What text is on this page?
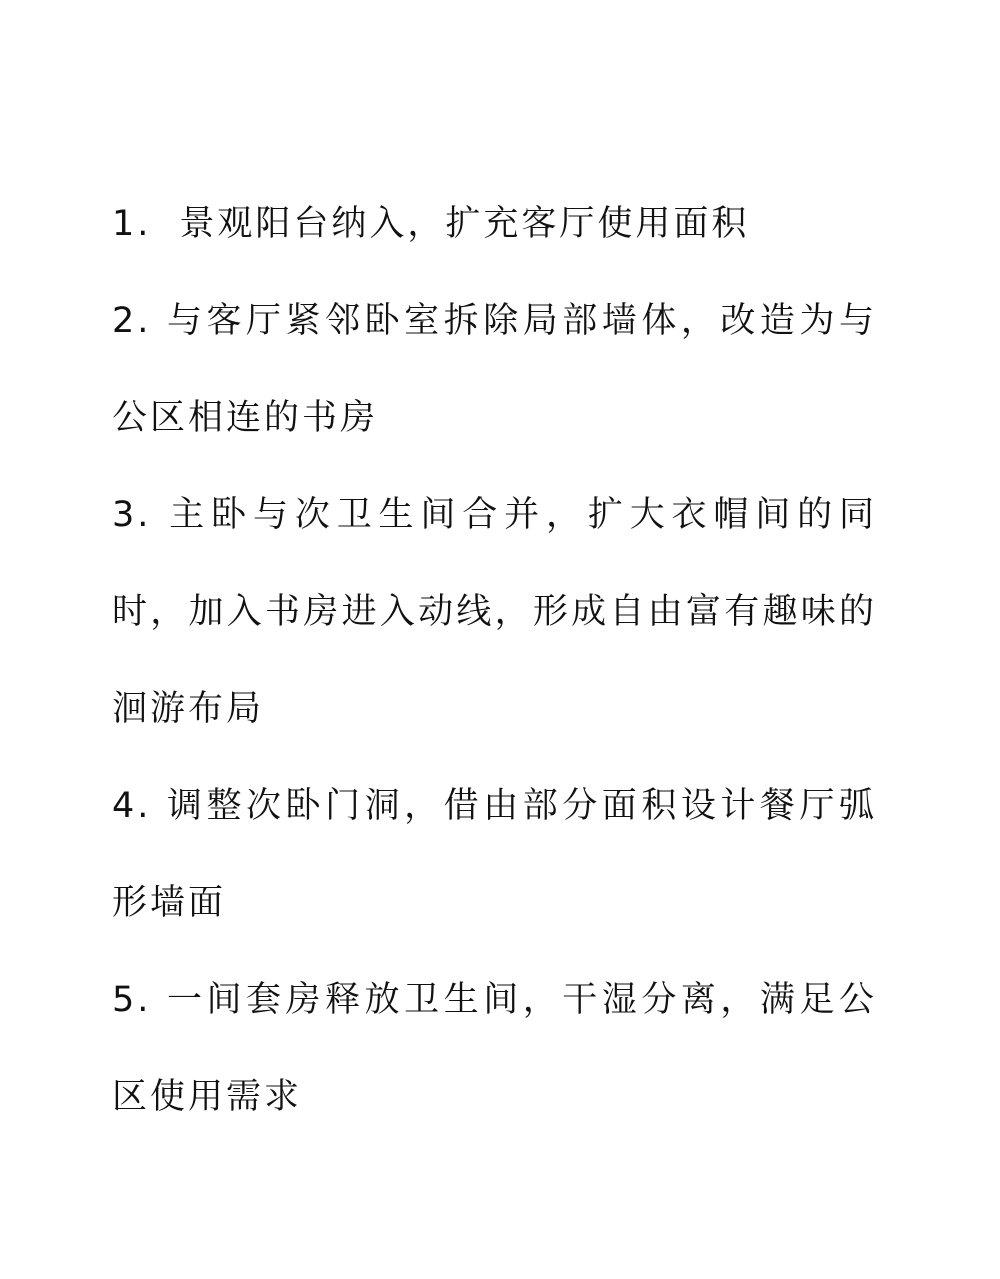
1. 景观阳台纳入，扩充客厅使用面积

2. 与客厅紧邻卧室拆除局部墙体，改造为与公区相连的书房

3. 主卧与次卫生间合并，扩大衣帽间的同时，加入书房进入动线，形成自由富有趣味的洄游布局

4. 调整次卧门洞，借由部分面积设计餐厅弧形墙面

5. 一间套房释放卫生间，干湿分离，满足公区使用需求
